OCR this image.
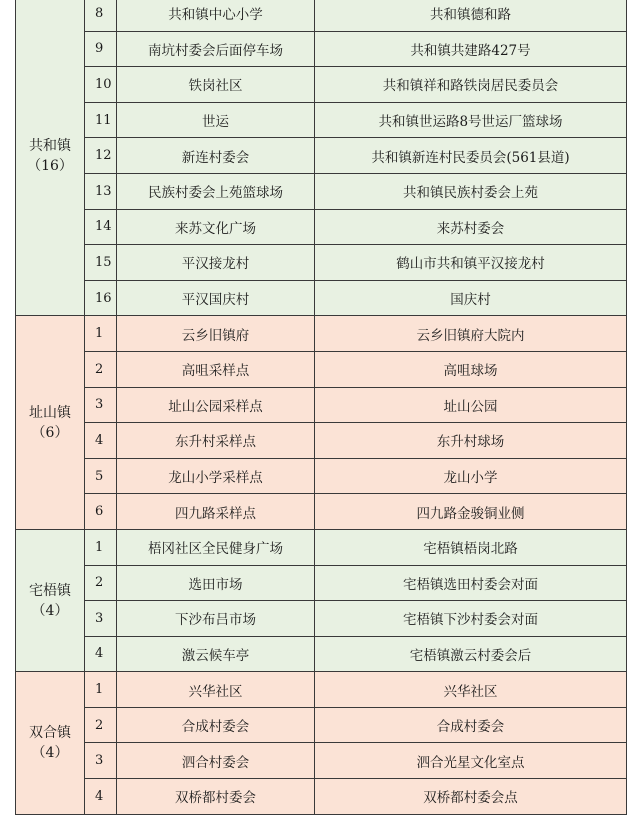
共和镇
（16）	8	共和镇中心小学	共和镇德和路
	9	南坑村委会后面停车场	共和镇共建路427号
	10	铁岗社区	共和镇祥和路铁岗居民委员会
	11	世运	共和镇世运路8号世运厂篮球场
	12	新连村委会	共和镇新连村民委员会(561县道)
	13	民族村委会上苑篮球场	共和镇民族村委会上苑
	14	来苏文化广场	来苏村委会
	15	平汉接龙村	鹤山市共和镇平汉接龙村
	16	平汉国庆村	国庆村

址山镇
（6）	1	云乡旧镇府	云乡旧镇府大院内
	2	高咀采样点	高咀球场
	3	址山公园采样点	址山公园
	4	东升村采样点	东升村球场
	5	龙山小学采样点	龙山小学
	6	四九路采样点	四九路金骏铜业侧

宅梧镇
（4）	1	梧冈社区全民健身广场	宅梧镇梧岗北路
	2	选田市场	宅梧镇选田村委会对面
	3	下沙布吕市场	宅梧镇下沙村委会对面
	4	激云候车亭	宅梧镇激云村委会后

双合镇
（4）	1	兴华社区	兴华社区
	2	合成村委会	合成村委会
	3	泗合村委会	泗合光星文化室点
	4	双桥都村委会	双桥都村委会点
